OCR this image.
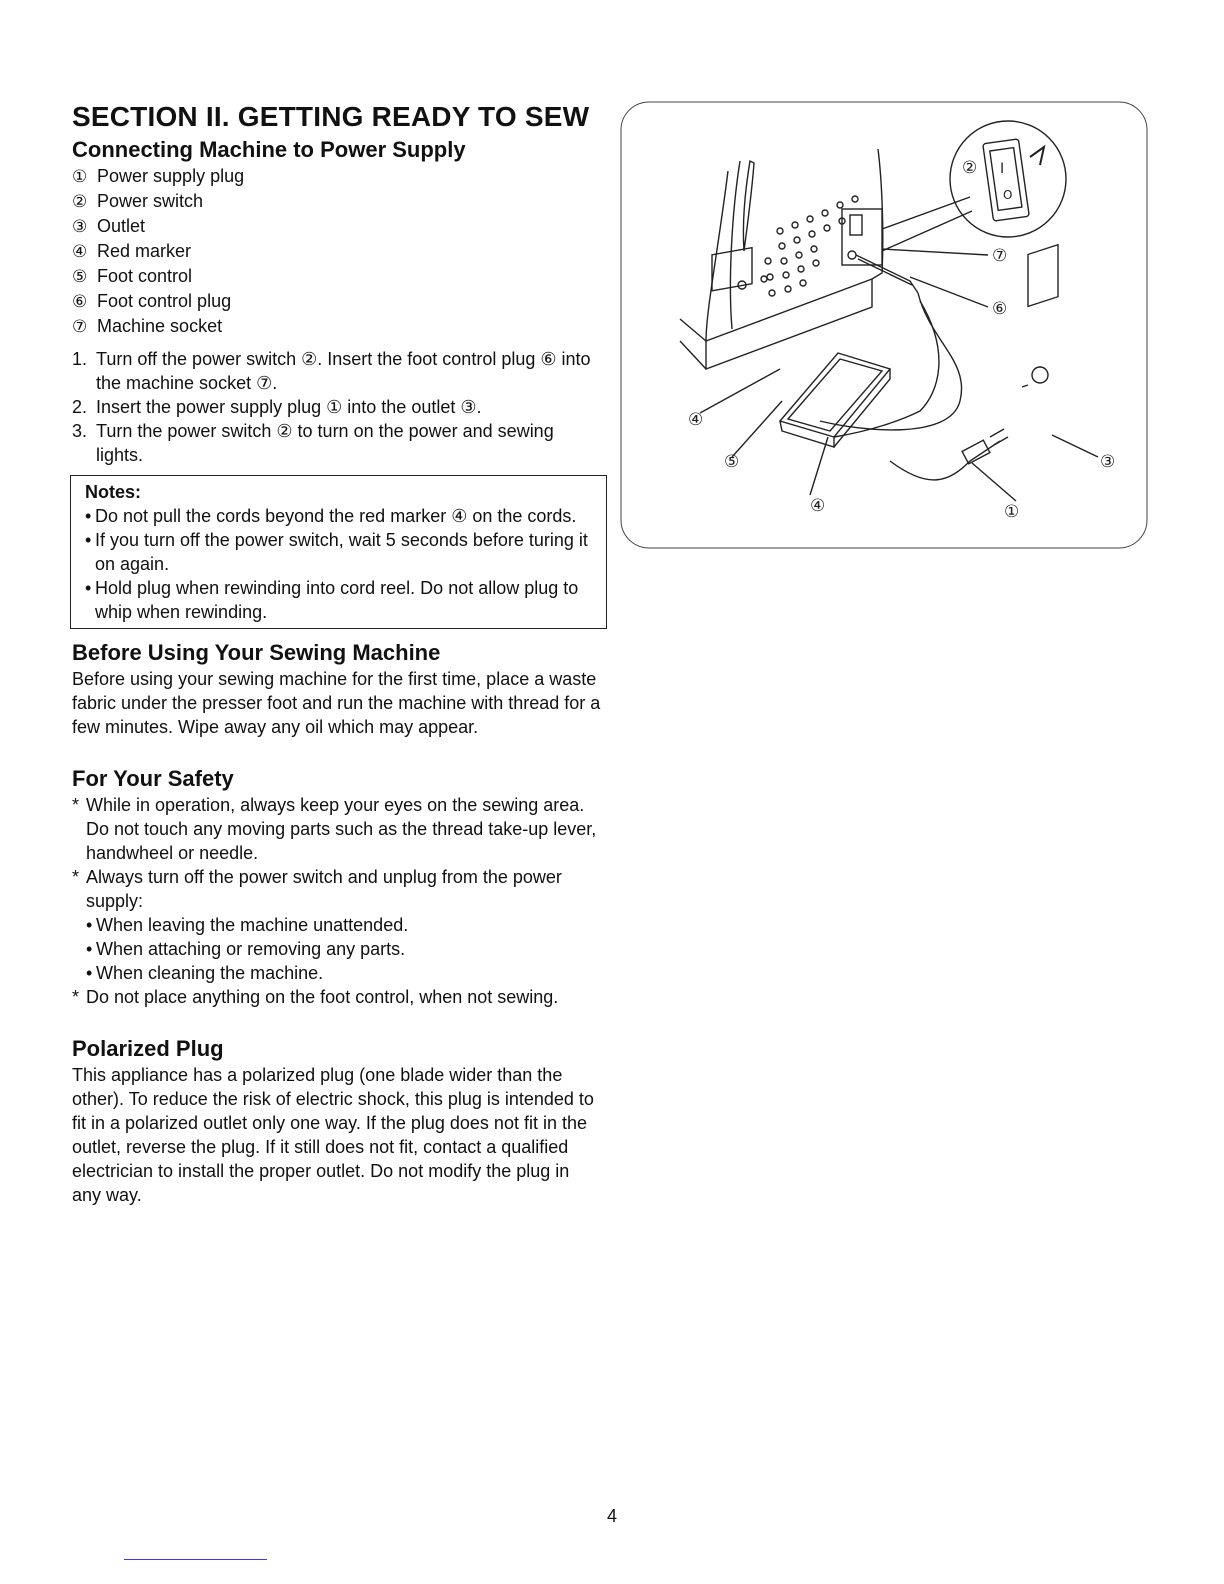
SECTION II. GETTING READY TO SEW
Connecting Machine to Power Supply
① Power supply plug
② Power switch
③ Outlet
④ Red marker
⑤ Foot control
⑥ Foot control plug
⑦ Machine socket
1. Turn off the power switch ②. Insert the foot control plug ⑥ into the machine socket ⑦.
2. Insert the power supply plug ① into the outlet ③.
3. Turn the power switch ② to turn on the power and sewing lights.
Notes:
• Do not pull the cords beyond the red marker ④ on the cords.
• If you turn off the power switch, wait 5 seconds before turing it on again.
• Hold plug when rewinding into cord reel. Do not allow plug to whip when rewinding.
Before Using Your Sewing Machine

Before using your sewing machine for the first time, place a waste fabric under the presser foot and run the machine with thread for a few minutes. Wipe away any oil which may appear.

For Your Safety
* While in operation, always keep your eyes on the sewing area. Do not touch any moving parts such as the thread take-up lever, handwheel or needle.
* Always turn off the power switch and unplug from the power supply:
• When leaving the machine unattended.
• When attaching or removing any parts.
• When cleaning the machine.
* Do not place anything on the foot control, when not sewing.
Polarized Plug

This appliance has a polarized plug (one blade wider than the other). To reduce the risk of electric shock, this plug is intended to fit in a polarized outlet only one way. If the plug does not fit in the outlet, reverse the plug. If it still does not fit, contact a qualified electrician to install the proper outlet. Do not modify the plug in any way.

②
⑦
⑥
④
③
⑤
④	①
I
O
4
